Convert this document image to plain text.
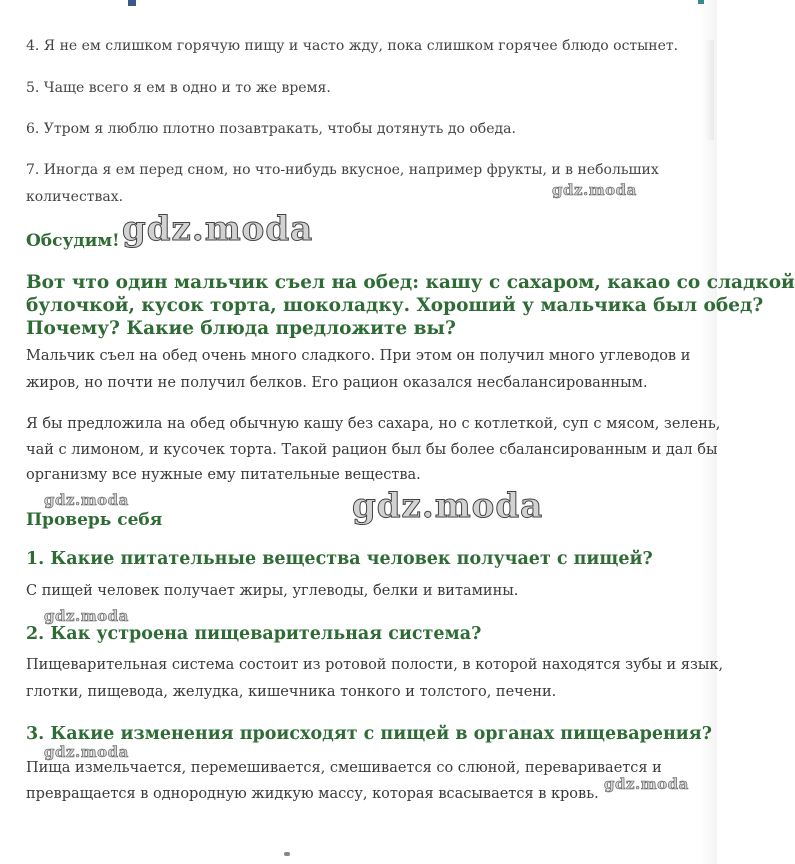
4. Я не ем слишком горячую пищу и часто жду, пока слишком горячее блюдо остынет.

5. Чаще всего я ем в одно и то же время.

6. Утром я люблю плотно позавтракать, чтобы дотянуть до обеда.

7. Иногда я ем перед сном, но что-нибудь вкусное, например фрукты, и в небольших

количествах.

Обсудим!

Вот что один мальчик съел на обед: кашу с сахаром, какао со сладкой

булочкой, кусок торта, шоколадку. Хороший у мальчика был обед?

Почему? Какие блюда предложите вы?

Мальчик съел на обед очень много сладкого. При этом он получил много углеводов и

жиров, но почти не получил белков. Его рацион оказался несбалансированным.

Я бы предложила на обед обычную кашу без сахара, но с котлеткой, суп с мясом, зелень,

чай с лимоном, и кусочек торта. Такой рацион был бы более сбалансированным и дал бы

организму все нужные ему питательные вещества.

Проверь себя

1. Какие питательные вещества человек получает с пищей?

С пищей человек получает жиры, углеводы, белки и витамины.

2. Как устроена пищеварительная система?

Пищеварительная система состоит из ротовой полости, в которой находятся зубы и язык,

глотки, пищевода, желудка, кишечника тонкого и толстого, печени.

3. Какие изменения происходят с пищей в органах пищеварения?

Пища измельчается, перемешивается, смешивается со слюной, переваривается и

превращается в однородную жидкую массу, которая всасывается в кровь.

gdz.moda

gdz.moda

gdz.moda	gdz.moda

gdz.moda

gdz.moda

gdz.moda
